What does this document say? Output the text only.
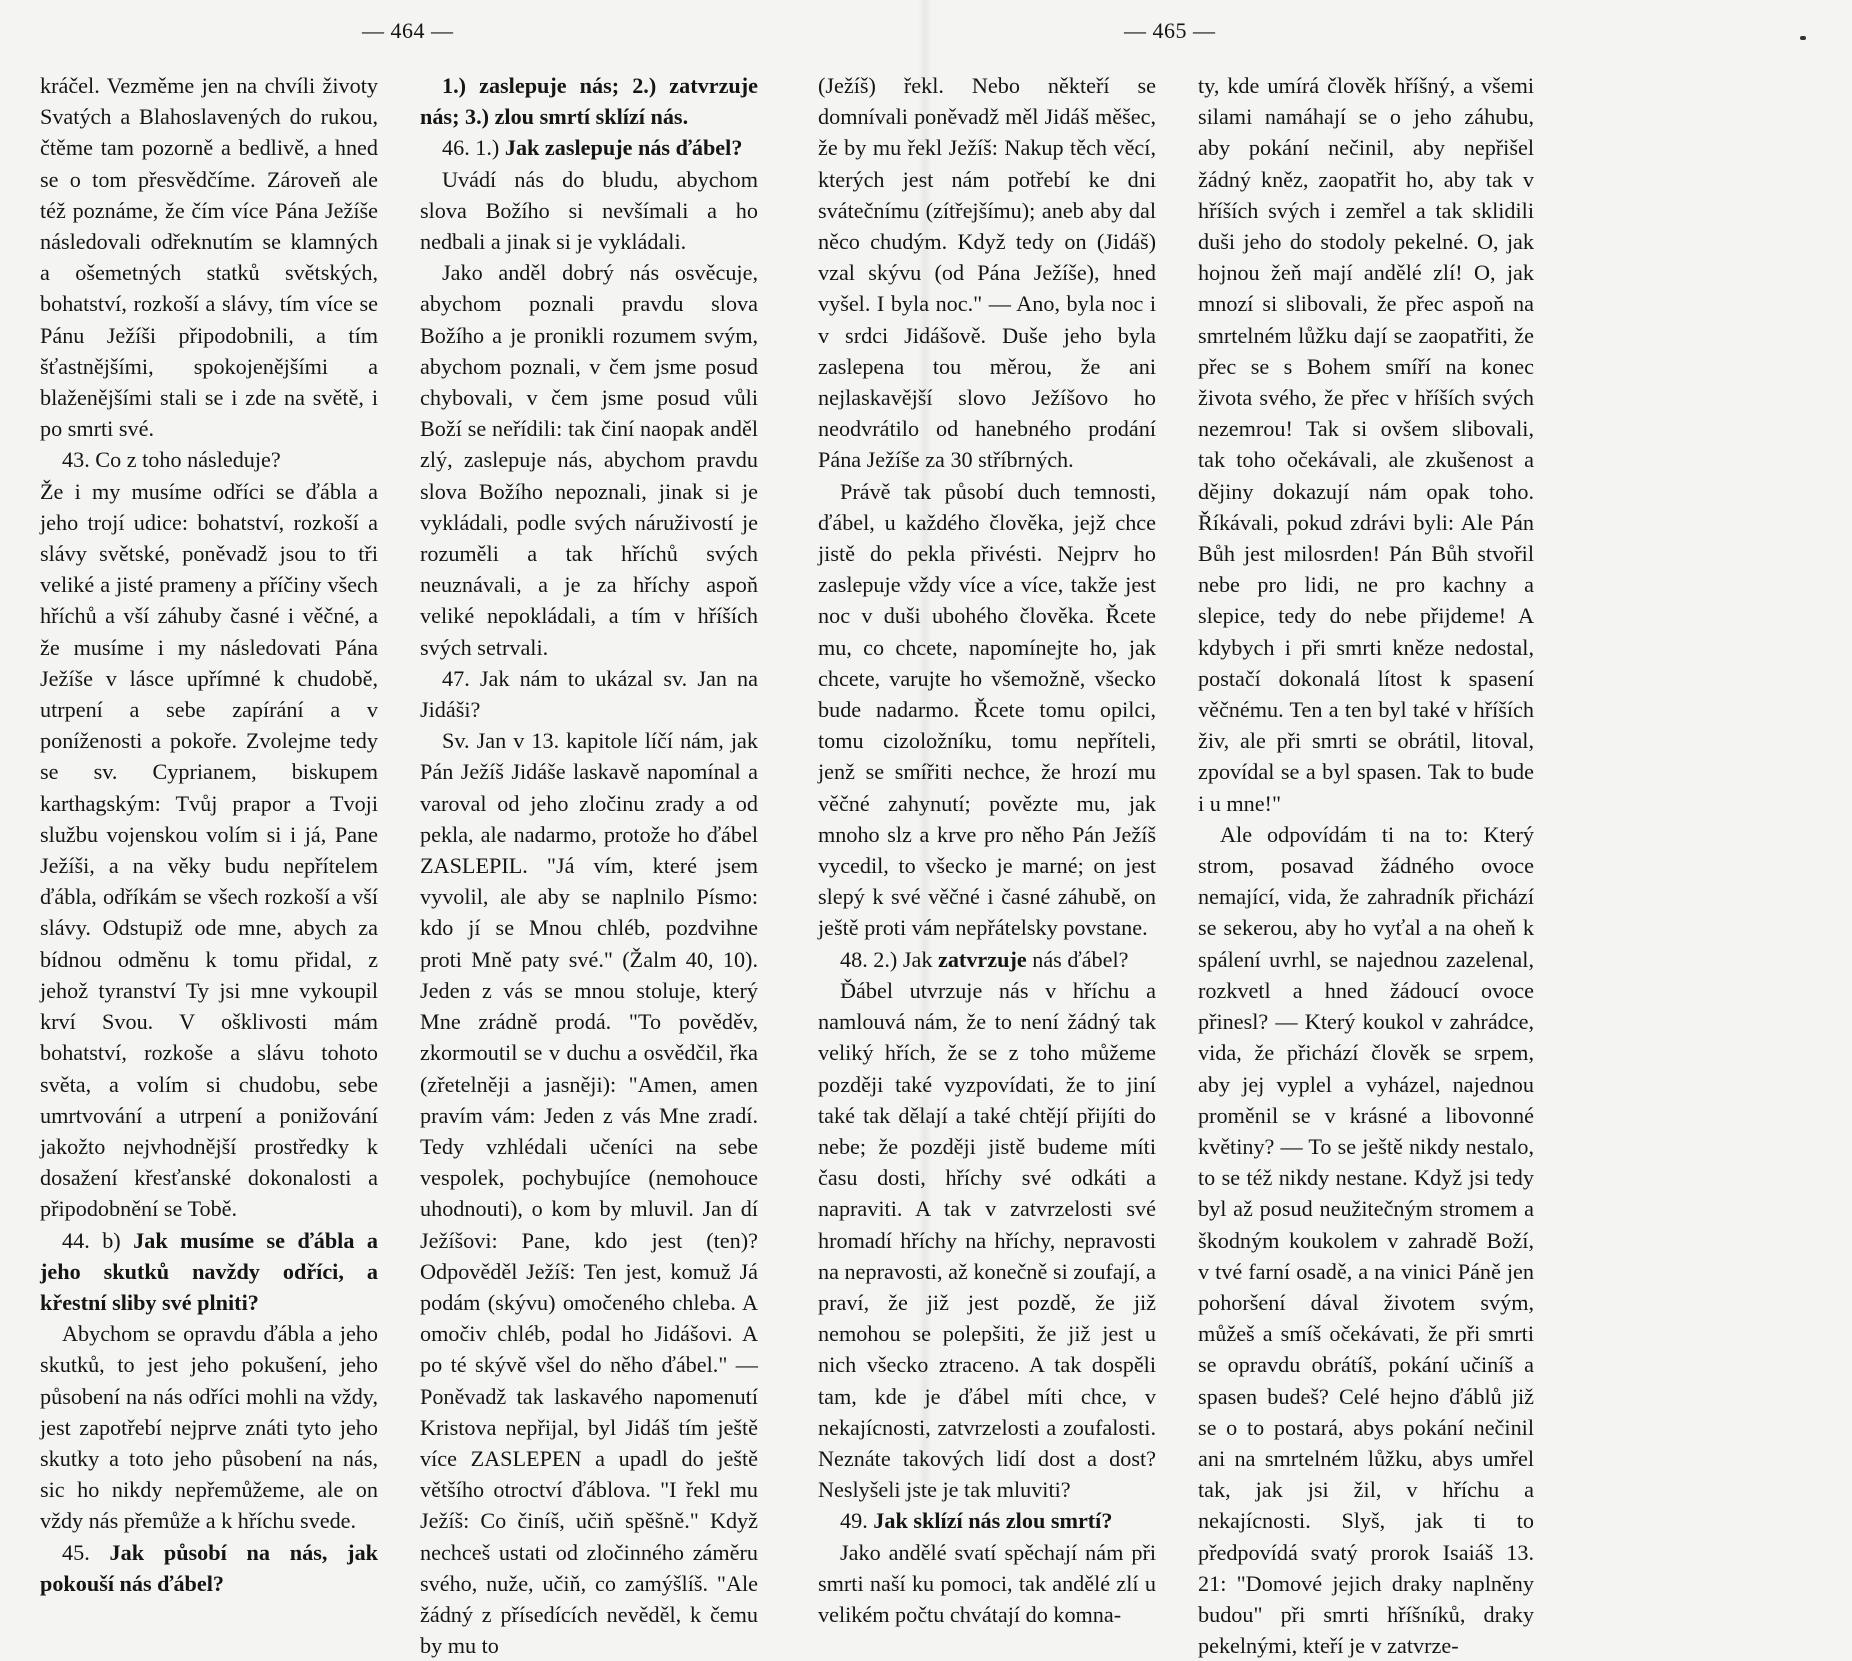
— 464 —	— 465 —

kráčel. Vezměme jen na chvíli životy Svatých a Blahoslavených do rukou, čtěme tam pozorně a bedlivě, a hned se o tom přesvědčíme. Zároveň ale též poznáme, že čím více Pána Ježíše následovali odřeknutím se klamných a ošemetných statků světských, bohatství, rozkoší a slávy, tím více se Pánu Ježíši připodobnili, a tím šťastnějšími, spokojenějšími a blaženějšími stali se i zde na světě, i po smrti své.

43. Co z toho následuje?

Že i my musíme odříci se ďábla a jeho trojí udice: bohatství, rozkoší a slávy světské, poněvadž jsou to tři veliké a jisté prameny a příčiny všech hříchů a vší záhuby časné i věčné, a že musíme i my následovati Pána Ježíše v lásce upřímné k chudobě, utrpení a sebe zapírání a v poníženosti a pokoře. Zvolejme tedy se sv. Cyprianem, biskupem karthagským: Tvůj prapor a Tvoji službu vojenskou volím si i já, Pane Ježíši, a na věky budu nepřítelem ďábla, odříkám se všech rozkoší a vší slávy. Odstupiž ode mne, abych za bídnou odměnu k tomu přidal, z jehož tyranství Ty jsi mne vykoupil krví Svou. V ošklivosti mám bohatství, rozkoše a slávu tohoto světa, a volím si chudobu, sebe umrtvování a utrpení a ponižování jakožto nejvhodnější prostředky k dosažení křesťanské dokonalosti a připodobnění se Tobě.

44. b) Jak musíme se ďábla a jeho skutků navždy odříci, a křestní sliby své plniti?

Abychom se opravdu ďábla a jeho skutků, to jest jeho pokušení, jeho působení na nás odříci mohli na vždy, jest zapotřebí nejprve znáti tyto jeho skutky a toto jeho působení na nás, sic ho nikdy nepřemůžeme, ale on vždy nás přemůže a k hříchu svede.

45. Jak působí na nás, jak pokouší nás ďábel?

1.) zaslepuje nás; 2.) zatvrzuje nás; 3.) zlou smrtí sklízí nás.

46. 1.) Jak zaslepuje nás ďábel?

Uvádí nás do bludu, abychom slova Božího si nevšímali a ho nedbali a jinak si je vykládali.

Jako anděl dobrý nás osvěcuje, abychom poznali pravdu slova Božího a je pronikli rozumem svým, abychom poznali, v čem jsme posud chybovali, v čem jsme posud vůli Boží se neřídili: tak činí naopak anděl zlý, zaslepuje nás, abychom pravdu slova Božího nepoznali, jinak si je vykládali, podle svých náruživostí je rozuměli a tak hříchů svých neuznávali, a je za hříchy aspoň veliké nepokládali, a tím v hříších svých setrvali.

47. Jak nám to ukázal sv. Jan na Jidáši?

Sv. Jan v 13. kapitole líčí nám, jak Pán Ježíš Jidáše laskavě napomínal a varoval od jeho zločinu zrady a od pekla, ale nadarmo, protože ho ďábel ZASLEPIL. "Já vím, které jsem vyvolil, ale aby se naplnilo Písmo: kdo jí se Mnou chléb, pozdvihne proti Mně paty své." (Žalm 40, 10). Jeden z vás se mnou stoluje, který Mne zrádně prodá. "To pověděv, zkormoutil se v duchu a osvědčil, řka (zřetelněji a jasněji): "Amen, amen pravím vám: Jeden z vás Mne zradí. Tedy vzhlédali učeníci na sebe vespolek, pochybujíce (nemohouce uhodnouti), o kom by mluvil. Jan dí Ježíšovi: Pane, kdo jest (ten)? Odpověděl Ježíš: Ten jest, komuž Já podám (skývu) omočeného chleba. A omočiv chléb, podal ho Jidášovi. A po té skývě všel do něho ďábel." — Poněvadž tak laskavého napomenutí Kristova nepřijal, byl Jidáš tím ještě více ZASLEPEN a upadl do ještě většího otroctví ďáblova. "I řekl mu Ježíš: Co činíš, učiň spěšně." Když nechceš ustati od zločinného záměru svého, nuže, učiň, co zamýšlíš. "Ale žádný z přísedících nevěděl, k čemu by mu to

(Ježíš) řekl. Nebo někteří se domnívali poněvadž měl Jidáš měšec, že by mu řekl Ježíš: Nakup těch věcí, kterých jest nám potřebí ke dni svátečnímu (zítřejšímu); aneb aby dal něco chudým. Když tedy on (Jidáš) vzal skývu (od Pána Ježíše), hned vyšel. I byla noc." — Ano, byla noc i v srdci Jidášově. Duše jeho byla zaslepena tou měrou, že ani nejlaskavější slovo Ježíšovo ho neodvrátilo od hanebného prodání Pána Ježíše za 30 stříbrných.

Právě tak působí duch temnosti, ďábel, u každého člověka, jejž chce jistě do pekla přivésti. Nejprv ho zaslepuje vždy více a více, takže jest noc v duši ubohého člověka. Řcete mu, co chcete, napomínejte ho, jak chcete, varujte ho všemožně, všecko bude nadarmo. Řcete tomu opilci, tomu cizoložníku, tomu nepříteli, jenž se smířiti nechce, že hrozí mu věčné zahynutí; povězte mu, jak mnoho slz a krve pro něho Pán Ježíš vycedil, to všecko je marné; on jest slepý k své věčné i časné záhubě, on ještě proti vám nepřátelsky povstane.

48. 2.) Jak zatvrzuje nás ďábel?

Ďábel utvrzuje nás v hříchu a namlouvá nám, že to není žádný tak veliký hřích, že se z toho můžeme později také vyzpovídati, že to jiní také tak dělají a také chtějí přijíti do nebe; že později jistě budeme míti času dosti, hříchy své odkáti a napraviti. A tak v zatvrzelosti své hromadí hříchy na hříchy, nepravosti na nepravosti, až konečně si zoufají, a praví, že již jest pozdě, že již nemohou se polepšiti, že již jest u nich všecko ztraceno. A tak dospěli tam, kde je ďábel míti chce, v nekajícnosti, zatvrzelosti a zoufalosti. Neznáte takových lidí dost a dost? Neslyšeli jste je tak mluviti?

49. Jak sklízí nás zlou smrtí?

Jako andělé svatí spěchají nám při smrti naší ku pomoci, tak andělé zlí u velikém počtu chvátají do komna-

ty, kde umírá člověk hříšný, a všemi silami namáhají se o jeho záhubu, aby pokání nečinil, aby nepřišel žádný kněz, zaopatřit ho, aby tak v hříších svých i zemřel a tak sklidili duši jeho do stodoly pekelné. O, jak hojnou žeň mají andělé zlí! O, jak mnozí si slibovali, že přec aspoň na smrtelném lůžku dají se zaopatřiti, že přec se s Bohem smíří na konec života svého, že přec v hříších svých nezemrou! Tak si ovšem slibovali, tak toho očekávali, ale zkušenost a dějiny dokazují nám opak toho. Říkávali, pokud zdrávi byli: Ale Pán Bůh jest milosrden! Pán Bůh stvořil nebe pro lidi, ne pro kachny a slepice, tedy do nebe přijdeme! A kdybych i při smrti kněze nedostal, postačí dokonalá lítost k spasení věčnému. Ten a ten byl také v hříších živ, ale při smrti se obrátil, litoval, zpovídal se a byl spasen. Tak to bude i u mne!"

Ale odpovídám ti na to: Který strom, posavad žádného ovoce nemající, vida, že zahradník přichází se sekerou, aby ho vyťal a na oheň k spálení uvrhl, se najednou zazelenal, rozkvetl a hned žádoucí ovoce přinesl? — Který koukol v zahrádce, vida, že přichází člověk se srpem, aby jej vyplel a vyházel, najednou proměnil se v krásné a libovonné květiny? — To se ještě nikdy nestalo, to se též nikdy nestane. Když jsi tedy byl až posud neužitečným stromem a škodným koukolem v zahradě Boží, v tvé farní osadě, a na vinici Páně jen pohoršení dával životem svým, můžeš a smíš očekávati, že při smrti se opravdu obrátíš, pokání učiníš a spasen budeš? Celé hejno ďáblů již se o to postará, abys pokání nečinil ani na smrtelném lůžku, abys umřel tak, jak jsi žil, v hříchu a nekajícnosti. Slyš, jak ti to předpovídá svatý prorok Isaiáš 13. 21: "Domové jejich draky naplněny budou" při smrti hříšníků, draky pekelnými, kteří je v zatvrze-
